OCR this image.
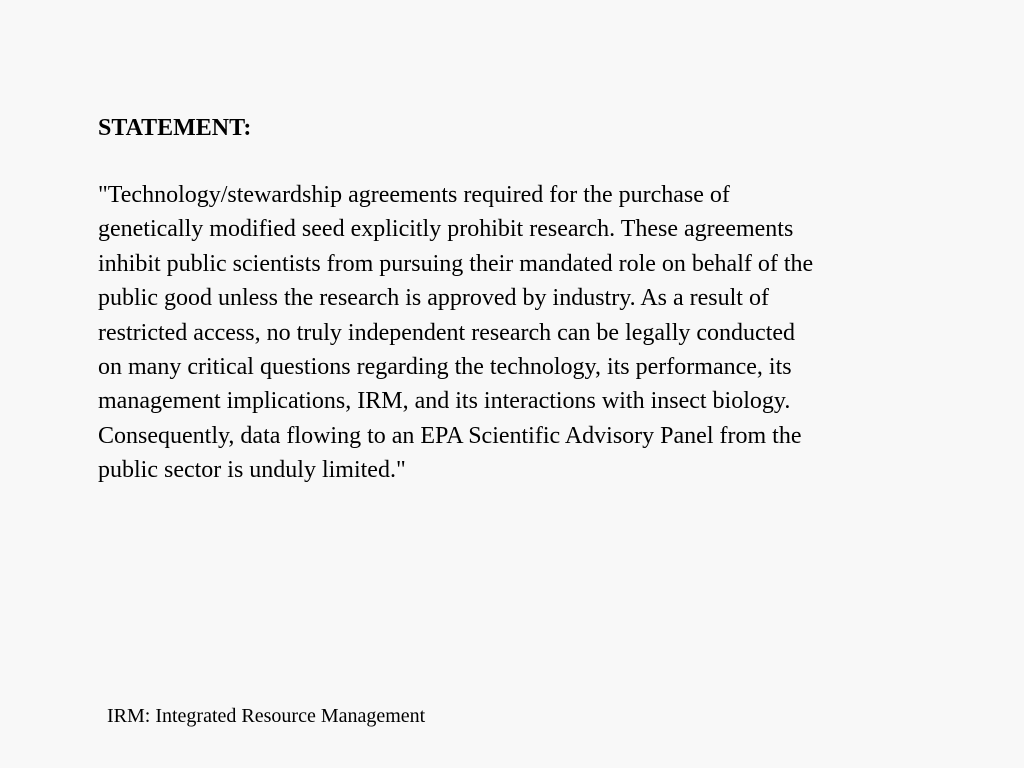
STATEMENT:

"Technology/stewardship agreements required for the purchase of
genetically modified seed explicitly prohibit research. These agreements
inhibit public scientists from pursuing their mandated role on behalf of the
public good unless the research is approved by industry. As a result of
restricted access, no truly independent research can be legally conducted
on many critical questions regarding the technology, its performance, its
management implications, IRM, and its interactions with insect biology.
Consequently, data flowing to an EPA Scientific Advisory Panel from the
public sector is unduly limited."

IRM: Integrated Resource Management
